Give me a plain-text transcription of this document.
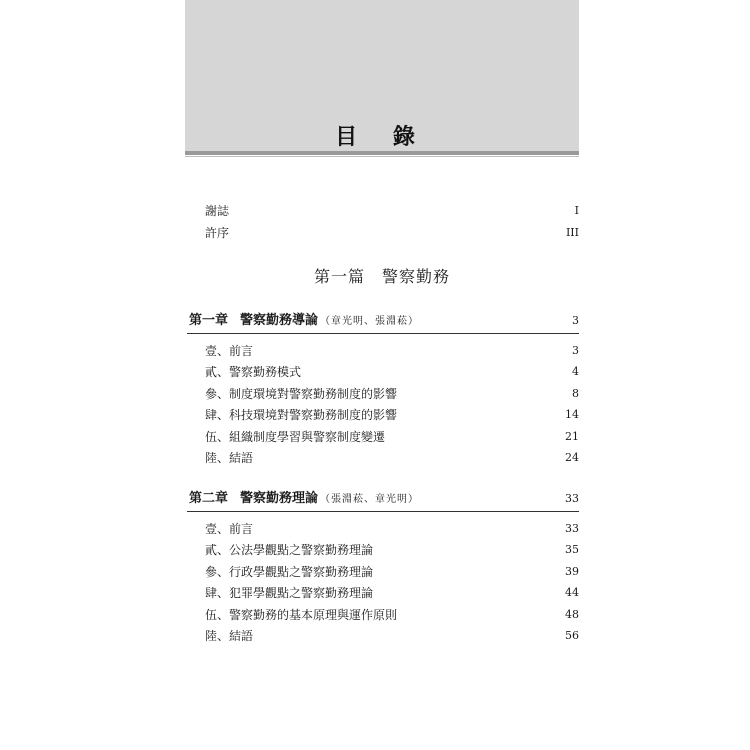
目 錄
謝誌	I
許序	III
第一篇　警察勤務
第一章 警察勤務導論 （章光明、張淵菘）	3
壹、前言	3
貳、警察勤務模式	4
參、制度環境對警察勤務制度的影響	8
肆、科技環境對警察勤務制度的影響	14
伍、組織制度學習與警察制度變遷	21
陸、結語	24
第二章 警察勤務理論 （張淵菘、章光明）	33
壹、前言	33
貳、公法學觀點之警察勤務理論	35
參、行政學觀點之警察勤務理論	39
肆、犯罪學觀點之警察勤務理論	44
伍、警察勤務的基本原理與運作原則	48
陸、結語	56
